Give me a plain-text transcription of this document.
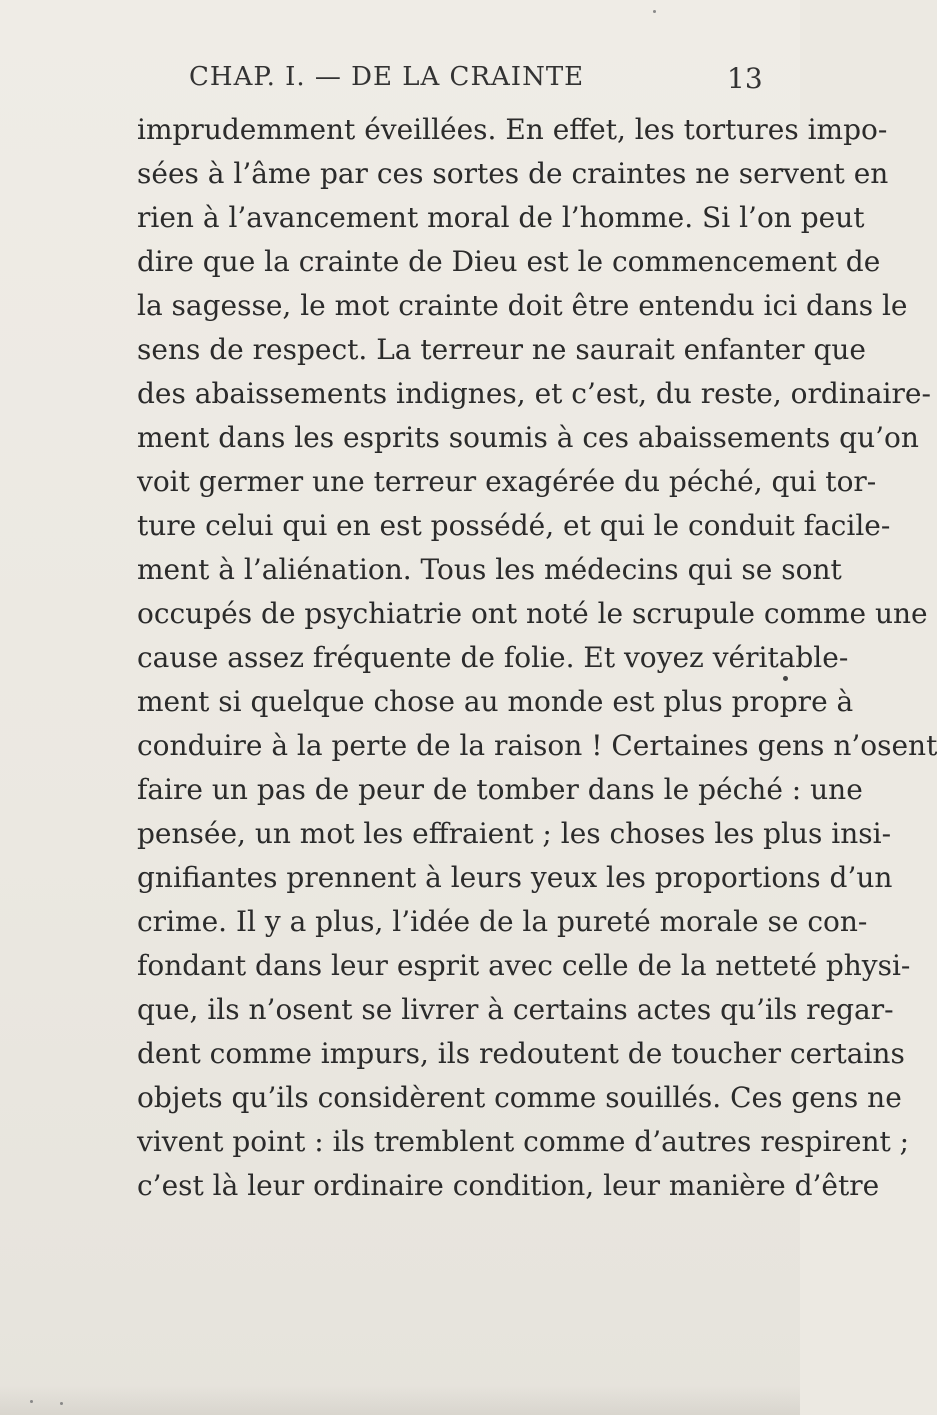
CHAP. I. — DE LA CRAINTE	13
imprudemment éveillées. En effet, les tortures impo-
sées à l’âme par ces sortes de craintes ne servent en
rien à l’avancement moral de l’homme. Si l’on peut
dire que la crainte de Dieu est le commencement de
la sagesse, le mot crainte doit être entendu ici dans le
sens de respect. La terreur ne saurait enfanter que
des abaissements indignes, et c’est, du reste, ordinaire-
ment dans les esprits soumis à ces abaissements qu’on
voit germer une terreur exagérée du péché, qui tor-
ture celui qui en est possédé, et qui le conduit facile-
ment à l’aliénation. Tous les médecins qui se sont
occupés de psychiatrie ont noté le scrupule comme une
cause assez fréquente de folie. Et voyez véritable-
ment si quelque chose au monde est plus propre à
conduire à la perte de la raison ! Certaines gens n’osent
faire un pas de peur de tomber dans le péché : une
pensée, un mot les effraient ; les choses les plus insi-
gnifiantes prennent à leurs yeux les proportions d’un
crime. Il y a plus, l’idée de la pureté morale se con-
fondant dans leur esprit avec celle de la netteté physi-
que, ils n’osent se livrer à certains actes qu’ils regar-
dent comme impurs, ils redoutent de toucher certains
objets qu’ils considèrent comme souillés. Ces gens ne
vivent point : ils tremblent comme d’autres respirent ;
c’est là leur ordinaire condition, leur manière d’être
